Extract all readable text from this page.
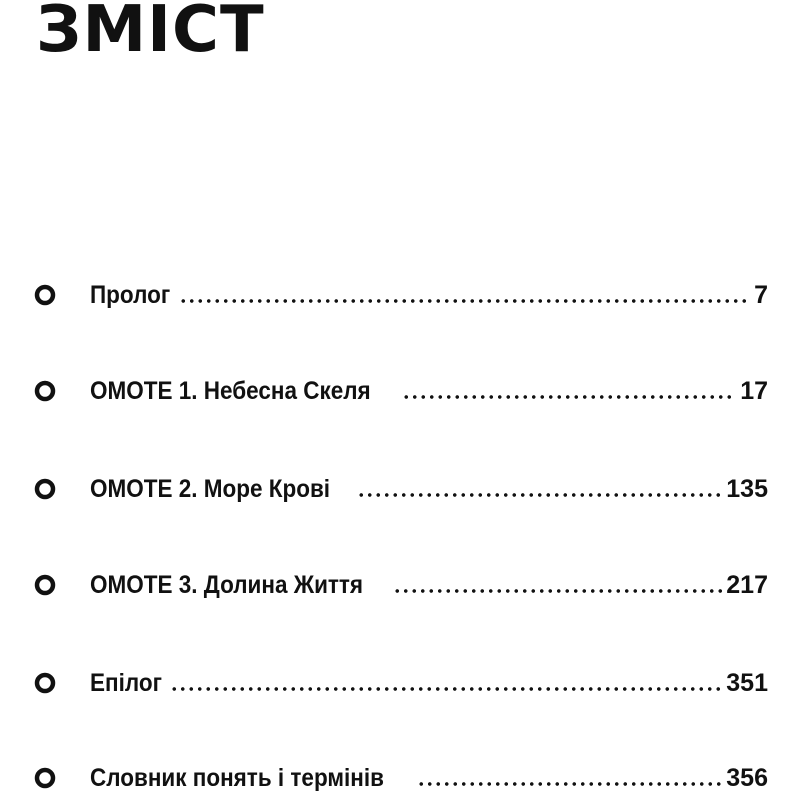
ЗМІСТ
Пролог	7
OMOTE 1. Небесна Скеля	17
OMOTE 2. Море Крові	135
OMOTE 3. Долина Життя	217
Епілог	351
Словник понять і термінів	356
